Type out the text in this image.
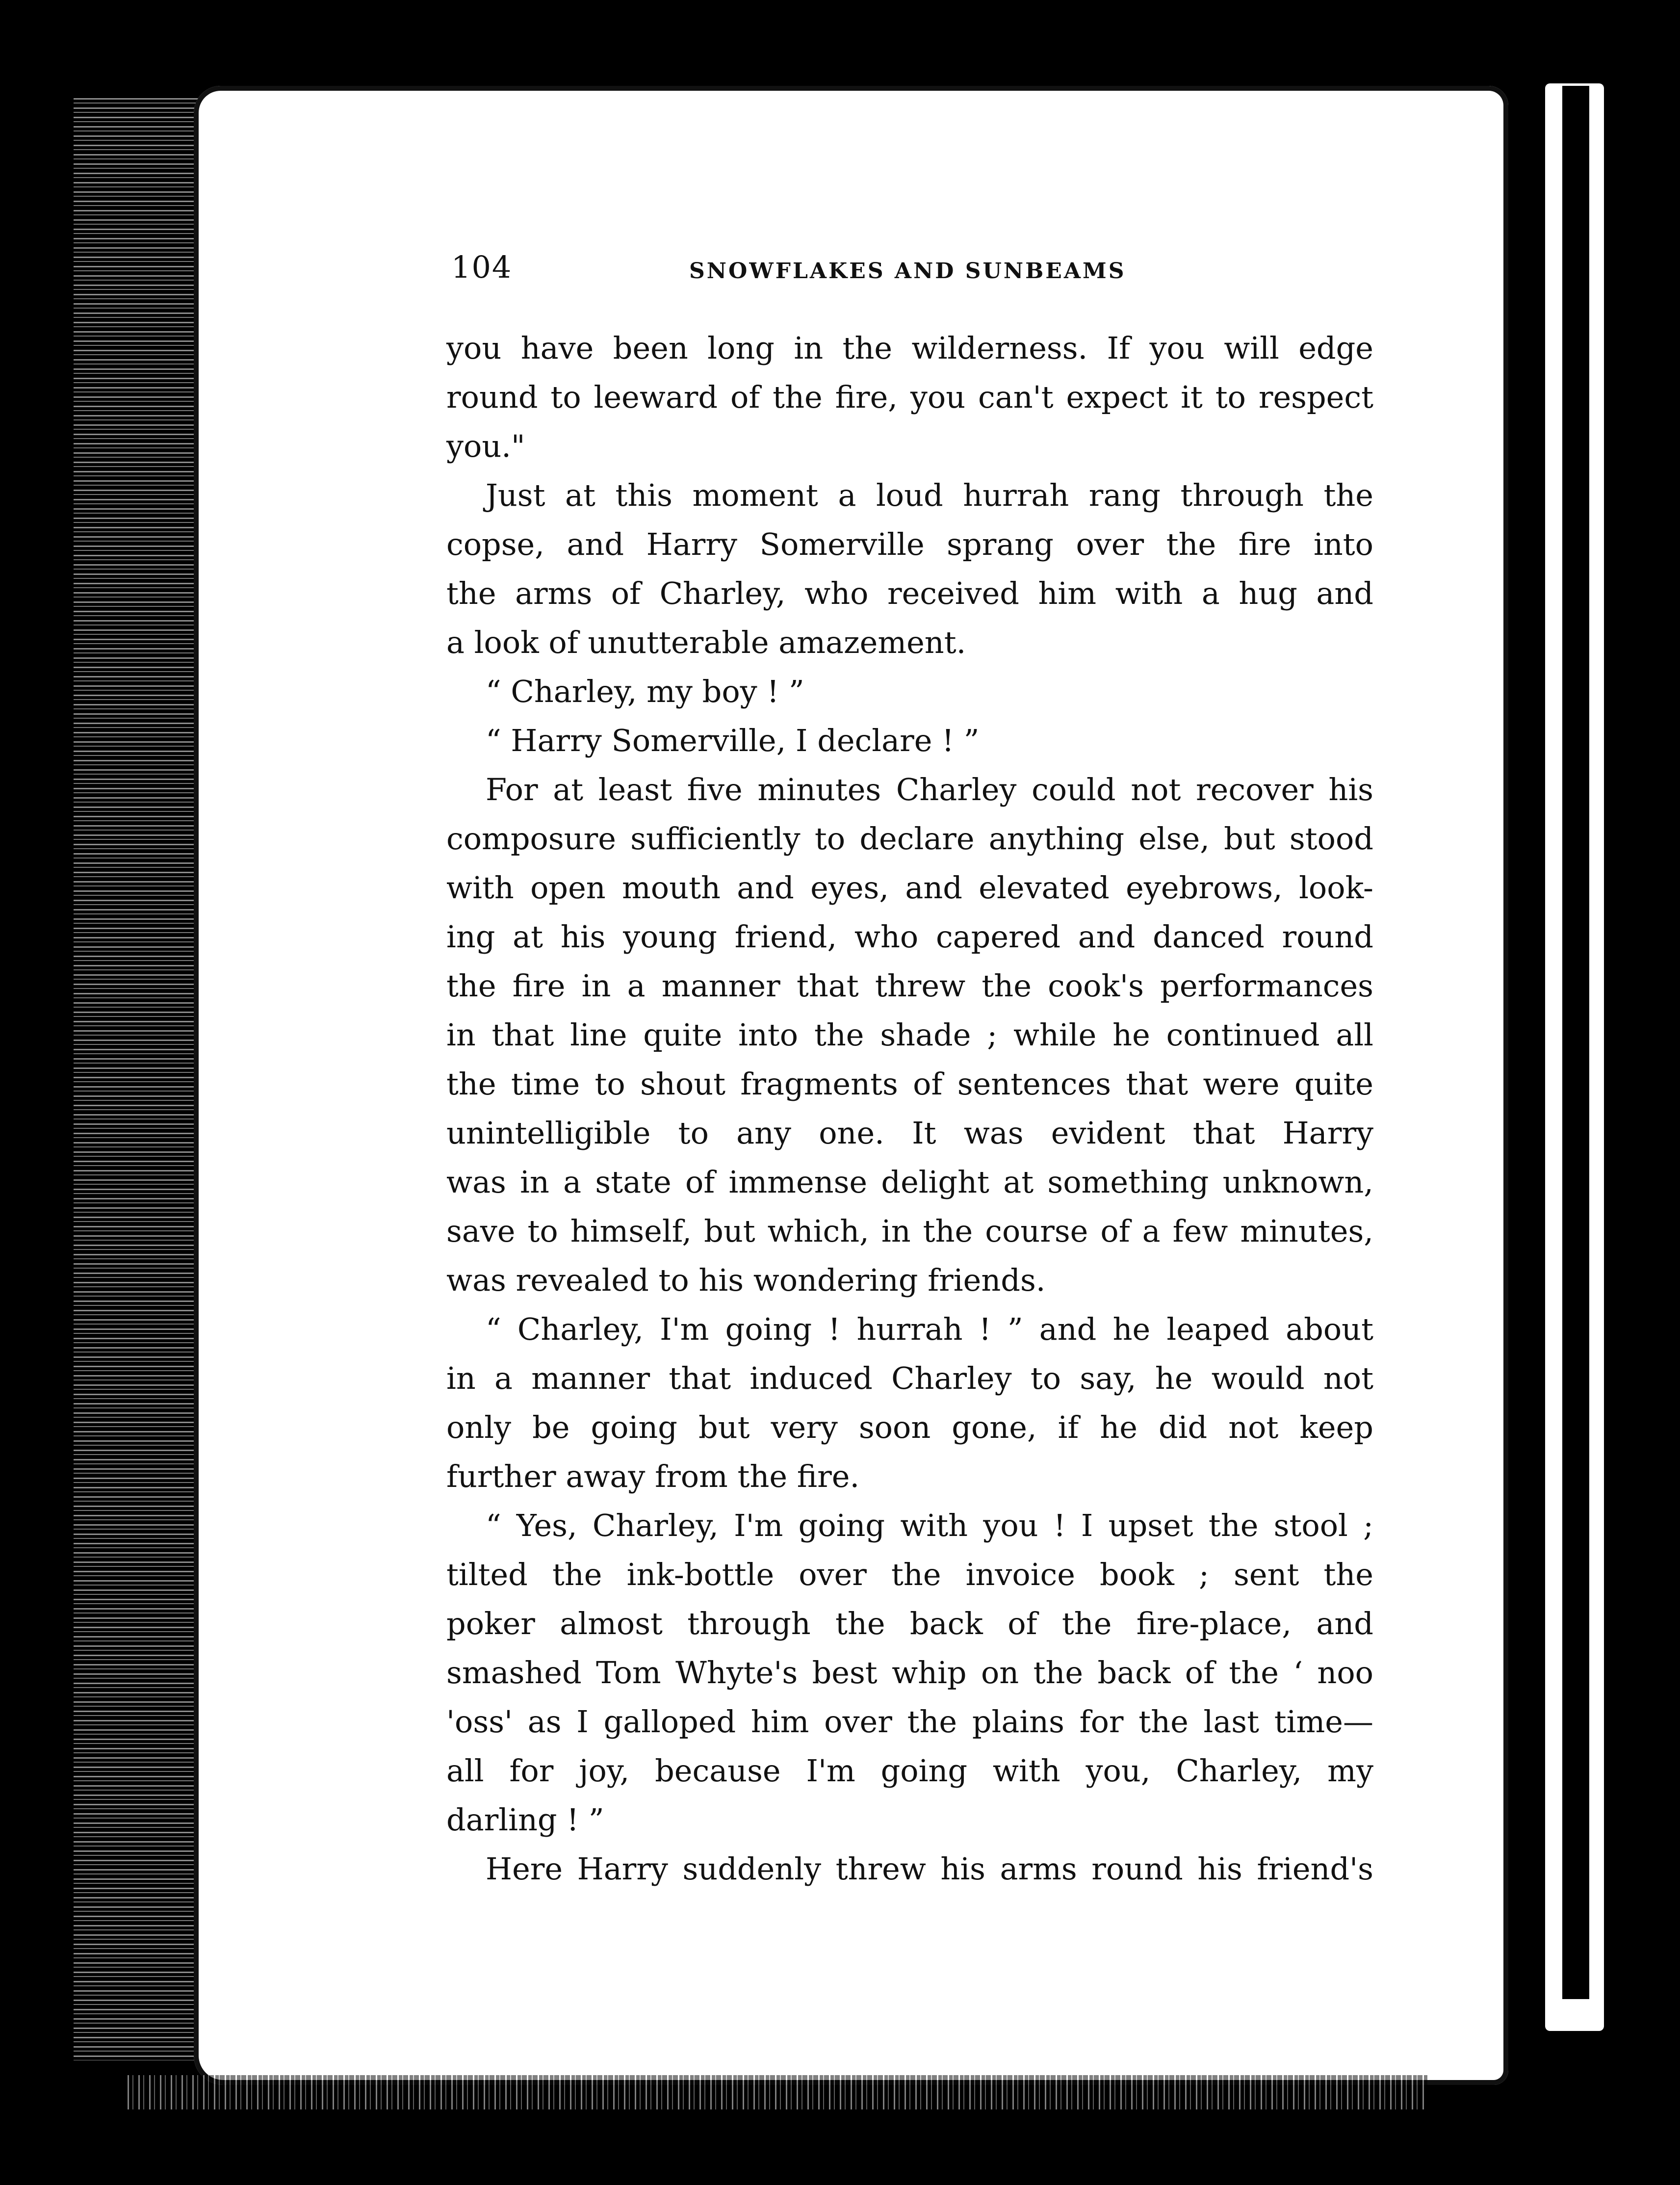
104	SNOWFLAKES AND SUNBEAMS
you have been long in the wilderness. If you will edge
round to leeward of the fire, you can't expect it to respect
you."
Just at this moment a loud hurrah rang through the
copse, and Harry Somerville sprang over the fire into
the arms of Charley, who received him with a hug and
a look of unutterable amazement.
“ Charley, my boy ! ”
“ Harry Somerville, I declare ! ”
For at least five minutes Charley could not recover his
composure sufficiently to declare anything else, but stood
with open mouth and eyes, and elevated eyebrows, look-
ing at his young friend, who capered and danced round
the fire in a manner that threw the cook's performances
in that line quite into the shade ; while he continued all
the time to shout fragments of sentences that were quite
unintelligible to any one. It was evident that Harry
was in a state of immense delight at something unknown,
save to himself, but which, in the course of a few minutes,
was revealed to his wondering friends.
“ Charley, I'm going ! hurrah ! ” and he leaped about
in a manner that induced Charley to say, he would not
only be going but very soon gone, if he did not keep
further away from the fire.
“ Yes, Charley, I'm going with you ! I upset the stool ;
tilted the ink-bottle over the invoice book ; sent the
poker almost through the back of the fire-place, and
smashed Tom Whyte's best whip on the back of the ‘ noo
'oss' as I galloped him over the plains for the last time—
all for joy, because I'm going with you, Charley, my
darling ! ”
Here Harry suddenly threw his arms round his friend's
